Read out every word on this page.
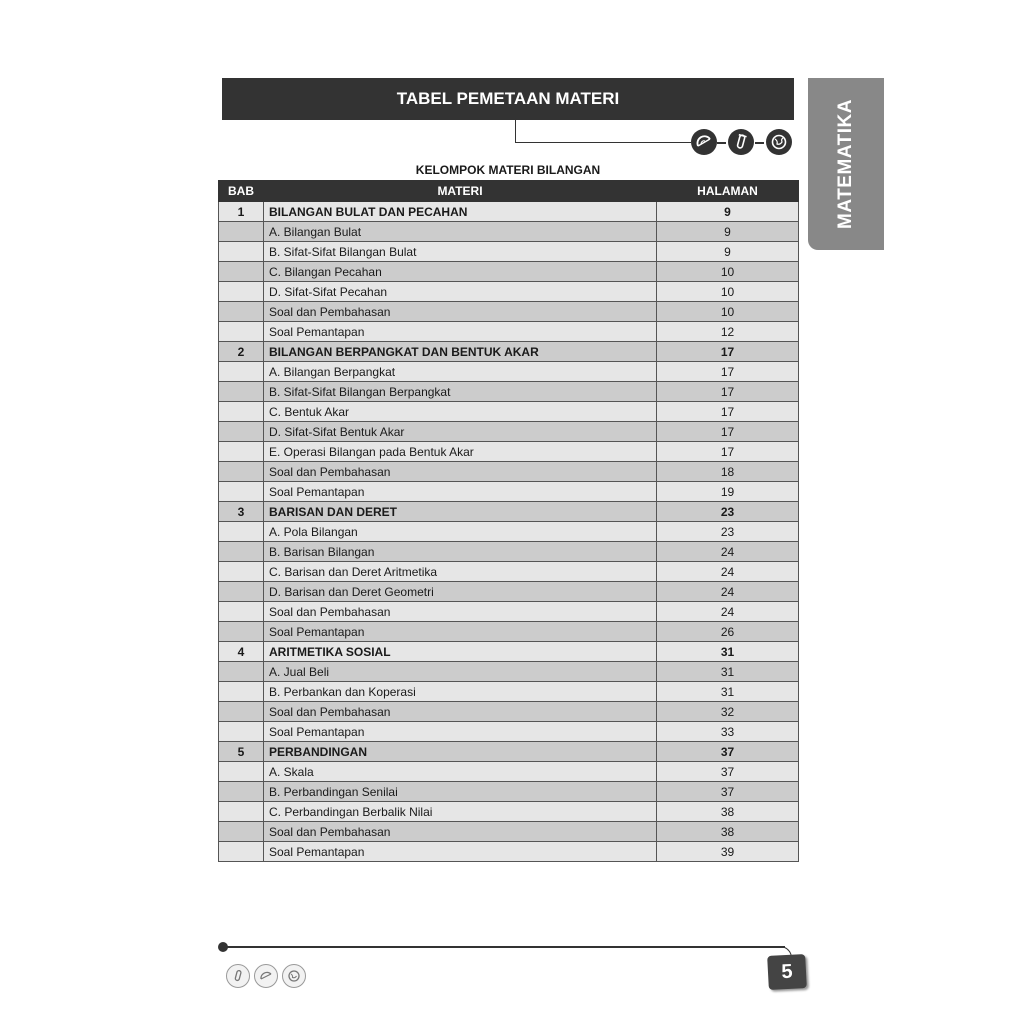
TABEL PEMETAAN MATERI
MATEMATIKA
KELOMPOK MATERI BILANGAN
BAB	MATERI	HALAMAN
1	BILANGAN BULAT DAN PECAHAN	9
	A. Bilangan Bulat	9
	B. Sifat-Sifat Bilangan Bulat	9
	C. Bilangan Pecahan	10
	D. Sifat-Sifat Pecahan	10
	Soal dan Pembahasan	10
	Soal Pemantapan	12
2	BILANGAN BERPANGKAT DAN BENTUK AKAR	17
	A. Bilangan Berpangkat	17
	B. Sifat-Sifat Bilangan Berpangkat	17
	C. Bentuk Akar	17
	D. Sifat-Sifat Bentuk Akar	17
	E. Operasi Bilangan pada Bentuk Akar	17
	Soal dan Pembahasan	18
	Soal Pemantapan	19
3	BARISAN DAN DERET	23
	A. Pola Bilangan	23
	B. Barisan Bilangan	24
	C. Barisan dan Deret Aritmetika	24
	D. Barisan dan Deret Geometri	24
	Soal dan Pembahasan	24
	Soal Pemantapan	26
4	ARITMETIKA SOSIAL	31
	A. Jual Beli	31
	B. Perbankan dan Koperasi	31
	Soal dan Pembahasan	32
	Soal Pemantapan	33
5	PERBANDINGAN	37
	A. Skala	37
	B. Perbandingan Senilai	37
	C. Perbandingan Berbalik Nilai	38
	Soal dan Pembahasan	38
	Soal Pemantapan	39
5
